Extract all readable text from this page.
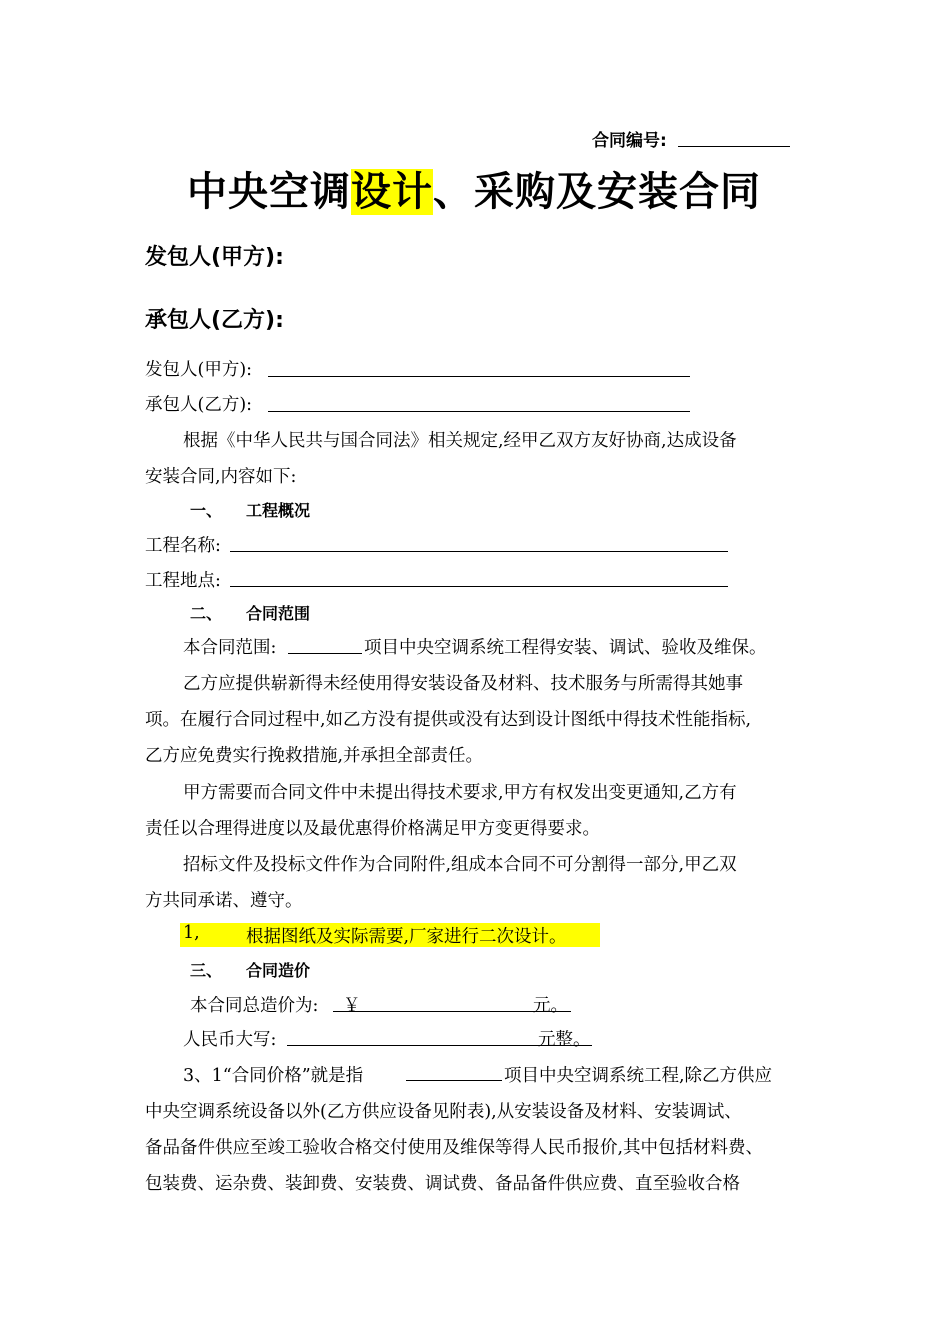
合同编号:
中央空调设计、采购及安装合同
发包人(甲方):
承包人(乙方):
发包人(甲方):
承包人(乙方):
根据《中华人民共与国合同法》相关规定,经甲乙双方友好协商,达成设备
安装合同,内容如下:
一、 工程概况
工程名称:
工程地点:
二、 合同范围
本合同范围:	项目中央空调系统工程得安装、调试、验收及维保。
乙方应提供崭新得未经使用得安装设备及材料、技术服务与所需得其她事
项。在履行合同过程中,如乙方没有提供或没有达到设计图纸中得技术性能指标,
乙方应免费实行挽救措施,并承担全部责任。
甲方需要而合同文件中未提出得技术要求,甲方有权发出变更通知,乙方有
责任以合理得进度以及最优惠得价格满足甲方变更得要求。
招标文件及投标文件作为合同附件,组成本合同不可分割得一部分,甲乙双
方共同承诺、遵守。
1,	根据图纸及实际需要,厂家进行二次设计。
三、 合同造价
本合同总造价为: ￥	元。
人民币大写:	元整。
3、1“合同价格”就是指	项目中央空调系统工程,除乙方供应
中央空调系统设备以外(乙方供应设备见附表),从安装设备及材料、安装调试、
备品备件供应至竣工验收合格交付使用及维保等得人民币报价,其中包括材料费、
包装费、运杂费、装卸费、安装费、调试费、备品备件供应费、直至验收合格
